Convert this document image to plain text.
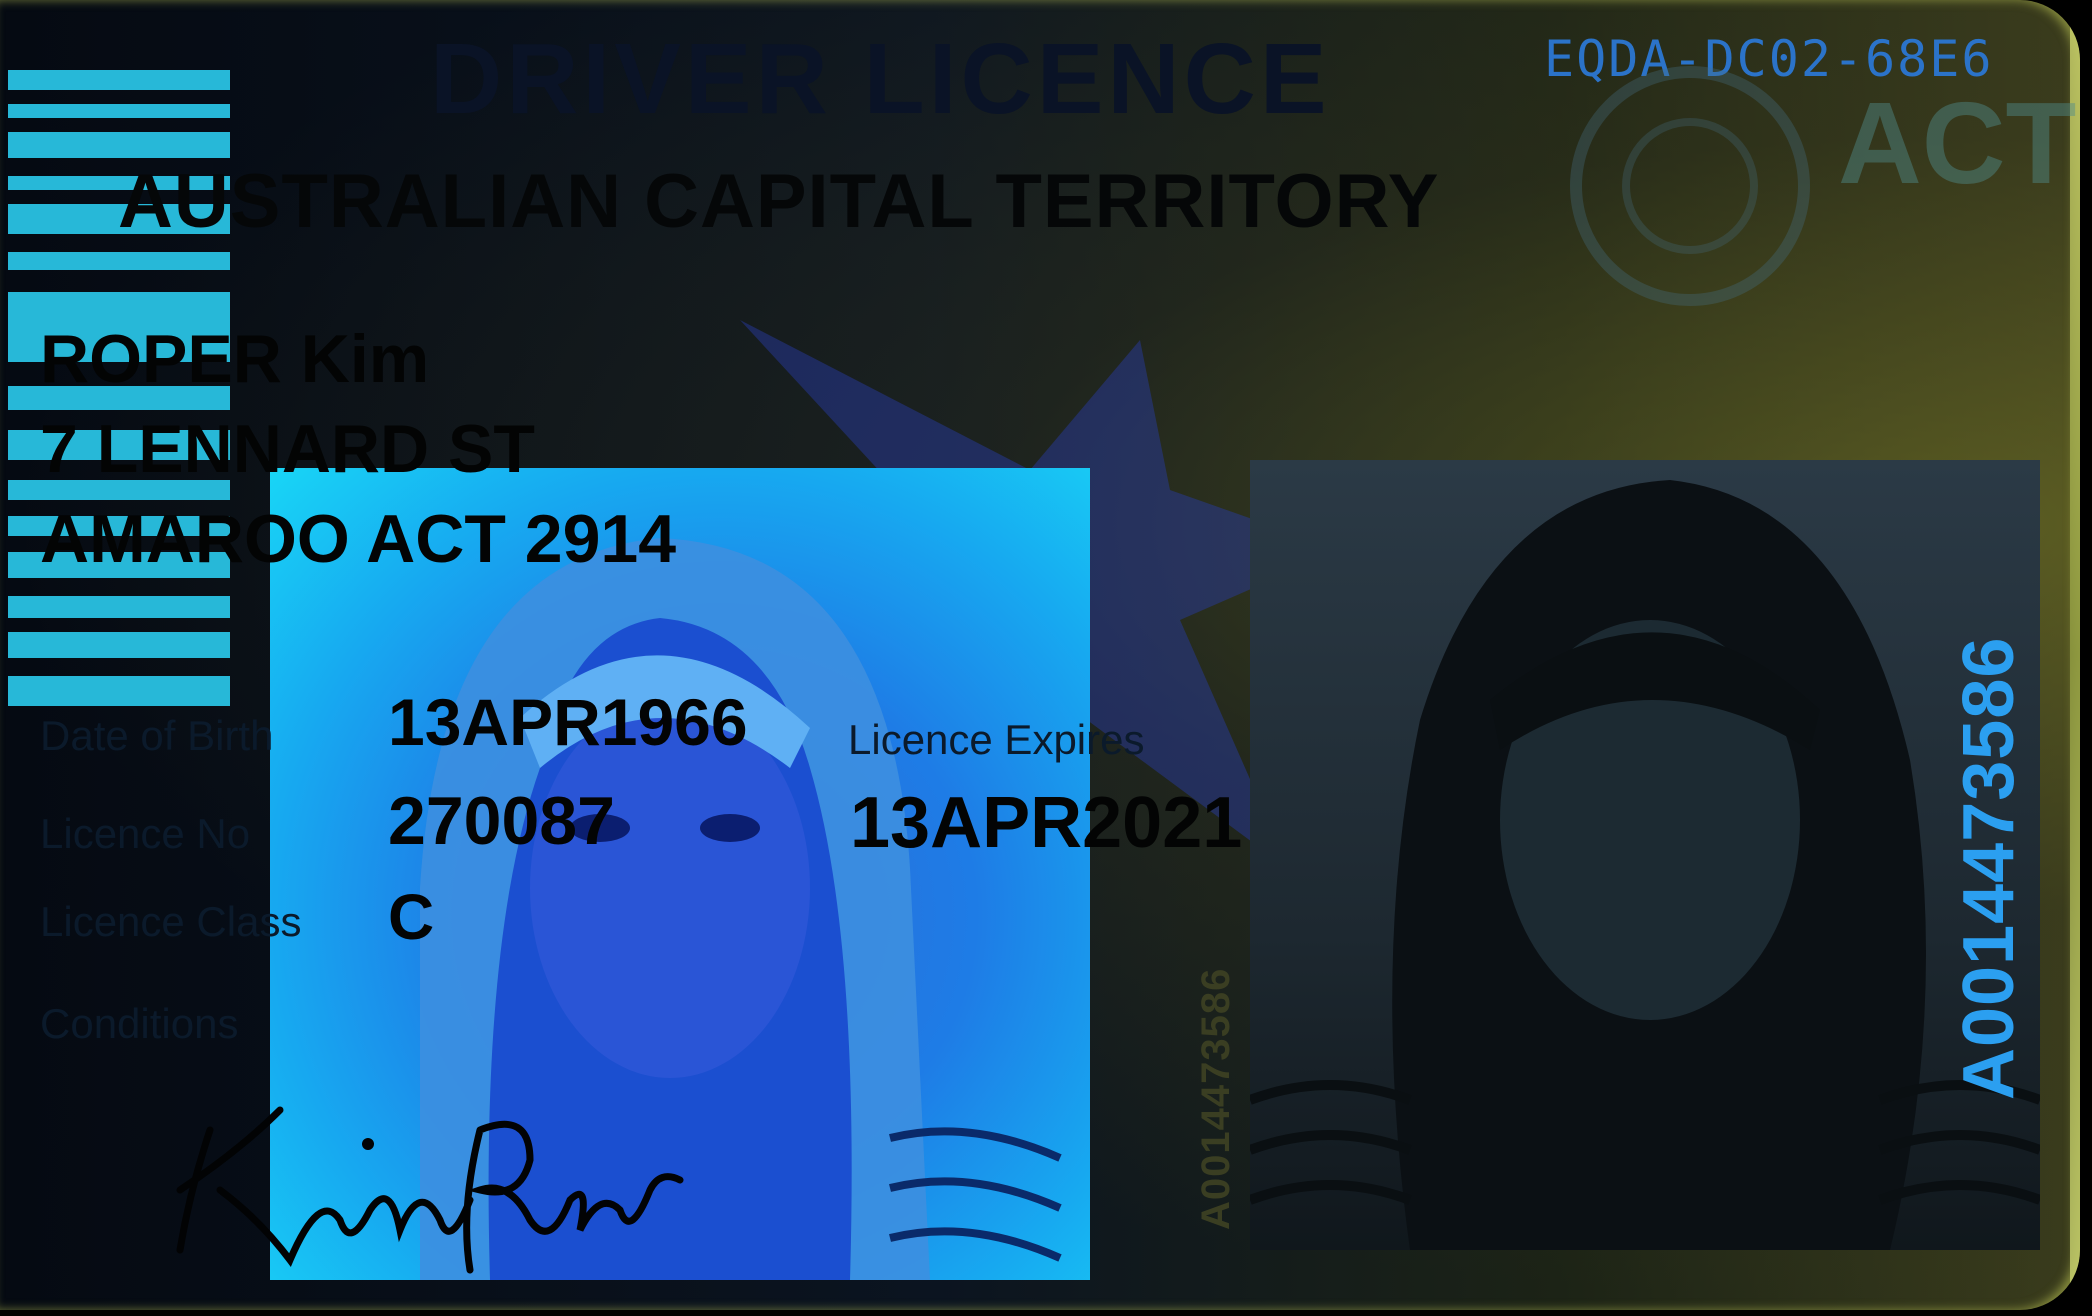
DRIVER LICENCE
AUSTRALIAN CAPITAL TERRITORY
EQDA-DC02-68E6
ACT
ROPER Kim
7 LENNARD ST
AMAROO ACT 2914
Date of Birth 13APR1966 Licence Expires
13APR2021
Licence No 270087
Licence Class C
Conditions	A0014473586
A0014473586
